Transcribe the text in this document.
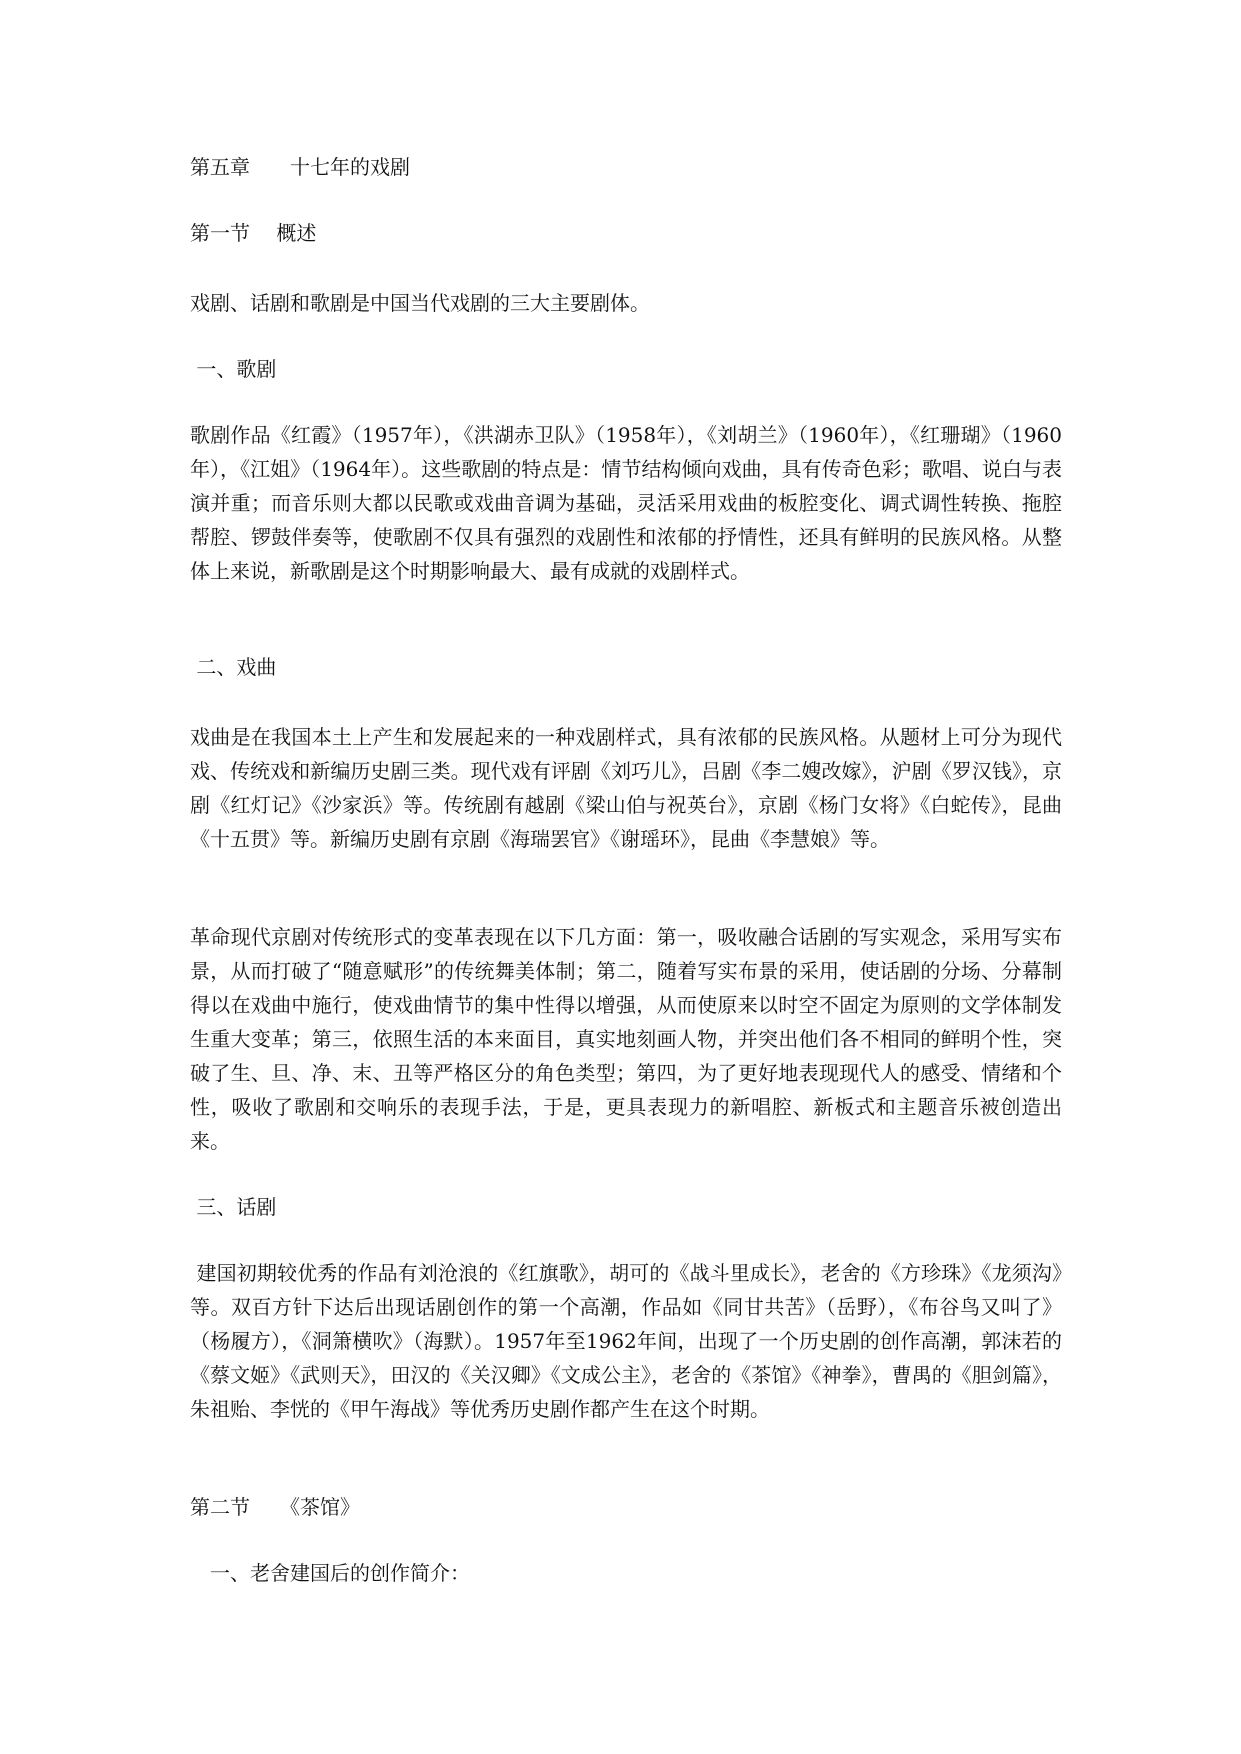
第五章　　十七年的戏剧

第一节　 概述

戏剧、话剧和歌剧是中国当代戏剧的三大主要剧体。

一、歌剧

歌剧作品《红霞》（1957年），《洪湖赤卫队》（1958年），《刘胡兰》（1960年），《红珊瑚》（1960年），《江姐》（1964年）。这些歌剧的特点是：情节结构倾向戏曲，具有传奇色彩；歌唱、说白与表演并重；而音乐则大都以民歌或戏曲音调为基础，灵活采用戏曲的板腔变化、调式调性转换、拖腔帮腔、锣鼓伴奏等，使歌剧不仅具有强烈的戏剧性和浓郁的抒情性，还具有鲜明的民族风格。从整体上来说，新歌剧是这个时期影响最大、最有成就的戏剧样式。

二、戏曲

戏曲是在我国本土上产生和发展起来的一种戏剧样式，具有浓郁的民族风格。从题材上可分为现代戏、传统戏和新编历史剧三类。现代戏有评剧《刘巧儿》，吕剧《李二嫂改嫁》，沪剧《罗汉钱》，京剧《红灯记》《沙家浜》等。传统剧有越剧《梁山伯与祝英台》，京剧《杨门女将》《白蛇传》，昆曲《十五贯》等。新编历史剧有京剧《海瑞罢官》《谢瑶环》，昆曲《李慧娘》等。

革命现代京剧对传统形式的变革表现在以下几方面：第一，吸收融合话剧的写实观念，采用写实布景，从而打破了“随意赋形”的传统舞美体制；第二，随着写实布景的采用，使话剧的分场、分幕制得以在戏曲中施行，使戏曲情节的集中性得以增强，从而使原来以时空不固定为原则的文学体制发生重大变革；第三，依照生活的本来面目，真实地刻画人物，并突出他们各不相同的鲜明个性，突破了生、旦、净、末、丑等严格区分的角色类型；第四，为了更好地表现现代人的感受、情绪和个性，吸收了歌剧和交响乐的表现手法，于是，更具表现力的新唱腔、新板式和主题音乐被创造出来。

三、话剧

建国初期较优秀的作品有刘沧浪的《红旗歌》，胡可的《战斗里成长》，老舍的《方珍珠》《龙须沟》等。双百方针下达后出现话剧创作的第一个高潮，作品如《同甘共苦》（岳野），《布谷鸟又叫了》（杨履方），《洞箫横吹》（海默）。1957年至1962年间，出现了一个历史剧的创作高潮，郭沫若的《蔡文姬》《武则天》，田汉的《关汉卿》《文成公主》，老舍的《茶馆》《神拳》，曹禺的《胆剑篇》，朱祖贻、李恍的《甲午海战》等优秀历史剧作都产生在这个时期。

第二节　　《茶馆》

　一、老舍建国后的创作简介：
